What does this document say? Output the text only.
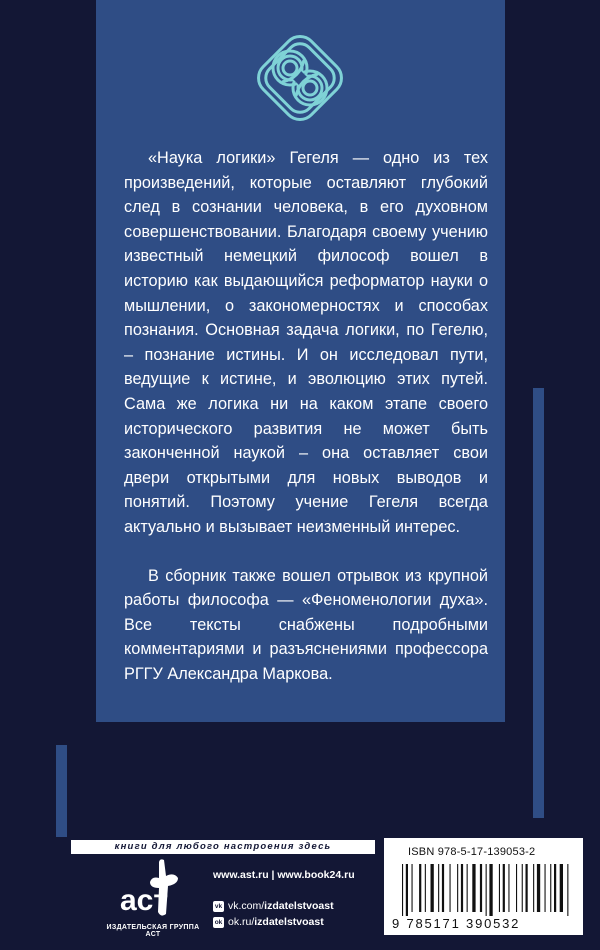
«Наука логики» Гегеля — одно из тех произведений, которые оставляют глубокий след в сознании человека, в его духовном совершенствовании. Благодаря своему учению известный немецкий философ вошел в историю как выдающийся реформатор науки о мышлении, о закономерностях и способах познания. Основная задача логики, по Гегелю, – познание истины. И он исследовал пути, ведущие к истине, и эволюцию этих путей. Сама же логика ни на каком этапе своего исторического развития не может быть законченной наукой – она оставляет свои двери открытыми для новых выводов и понятий. Поэтому учение Гегеля всегда актуально и вызывает неизменный интерес.

В сборник также вошел отрывок из крупной работы философа — «Феноменологии духа». Все тексты снабжены подробными комментариями и разъяснениями профессора РГГУ Александра Маркова.

книги для любого настроения здесь
аст
ИЗДАТЕЛЬСКАЯ ГРУППА АСТ
www.ast.ru | www.book24.ru
vk vk.com/ izdatelstvoast
ok ok.ru/ izdatelstvoast
ISBN 978-5-17-139053-2
9 785171 390532
